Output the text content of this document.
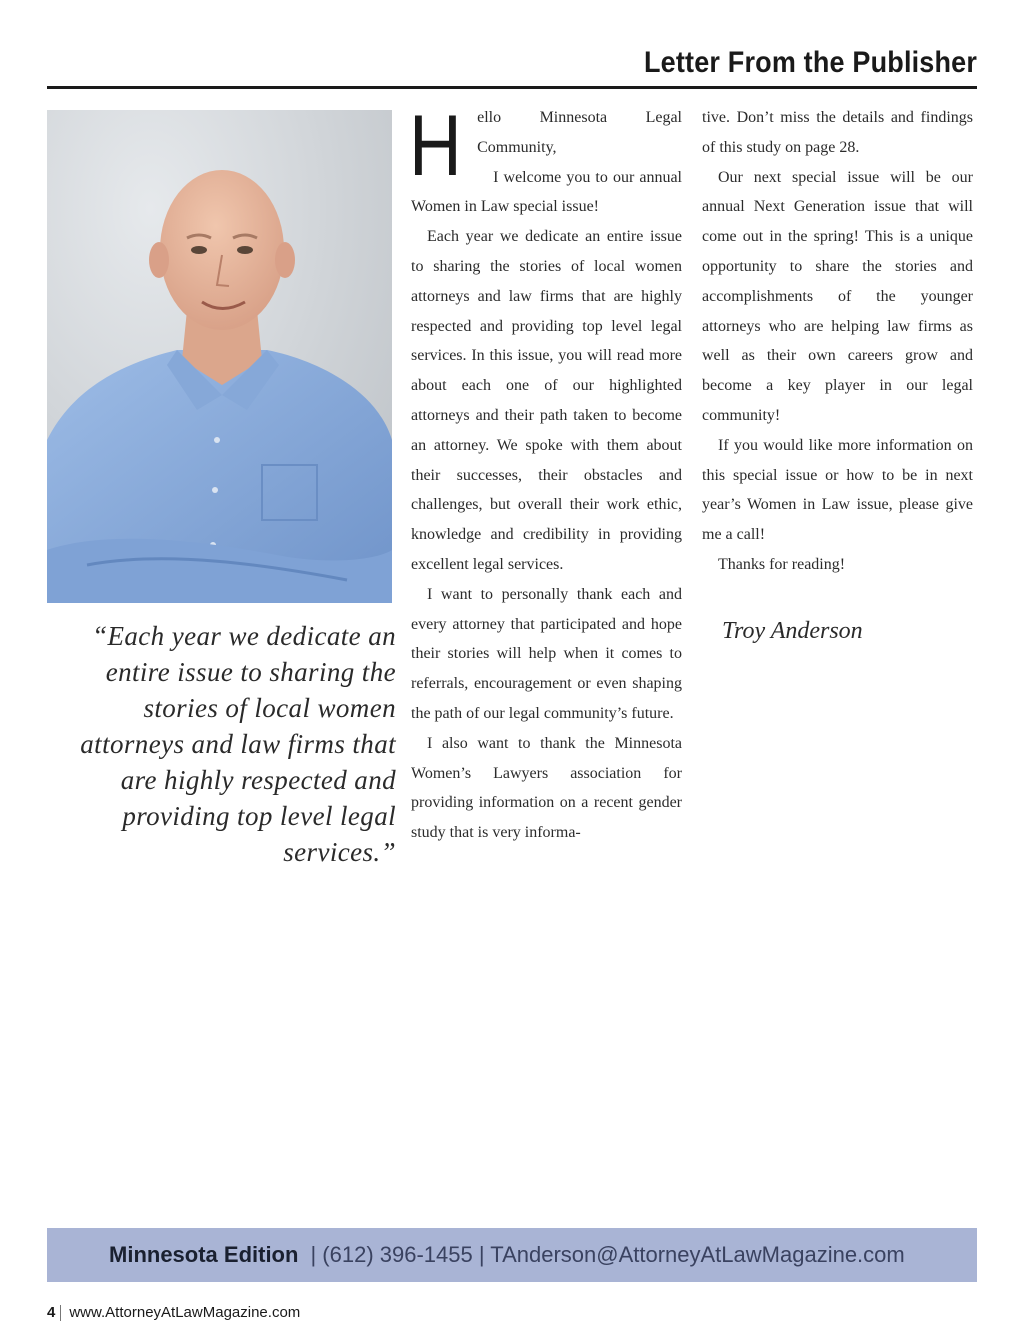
Letter From the Publisher
“Each year we dedicate an entire issue to sharing the stories of local women attorneys and law firms that are highly respected and providing top level legal services.”

Hello Minnesota Legal Community,

I welcome you to our annual Women in Law special issue!

Each year we dedicate an entire issue to sharing the stories of local women attorneys and law firms that are highly respected and providing top level legal services. In this issue, you will read more about each one of our highlighted attorneys and their path taken to become an attorney. We spoke with them about their successes, their obstacles and challenges, but overall their work ethic, knowledge and credibility in providing excellent legal services.

I want to personally thank each and every attorney that participated and hope their stories will help when it comes to referrals, encouragement or even shaping the path of our legal community’s future.

I also want to thank the Minnesota Women’s Lawyers association for providing information on a recent gender study that is very informa-

tive. Don’t miss the details and findings of this study on page 28.

Our next special issue will be our annual Next Generation issue that will come out in the spring! This is a unique opportunity to share the stories and accomplishments of the younger attorneys who are helping law firms as well as their own careers grow and become a key player in our legal community!

If you would like more information on this special issue or how to be in next year’s Women in Law issue, please give me a call!

Thanks for reading!

Troy Anderson
Minnesota Edition | (612) 396-1455 | TAnderson@AttorneyAtLawMagazine.com
4 www.AttorneyAtLawMagazine.com
